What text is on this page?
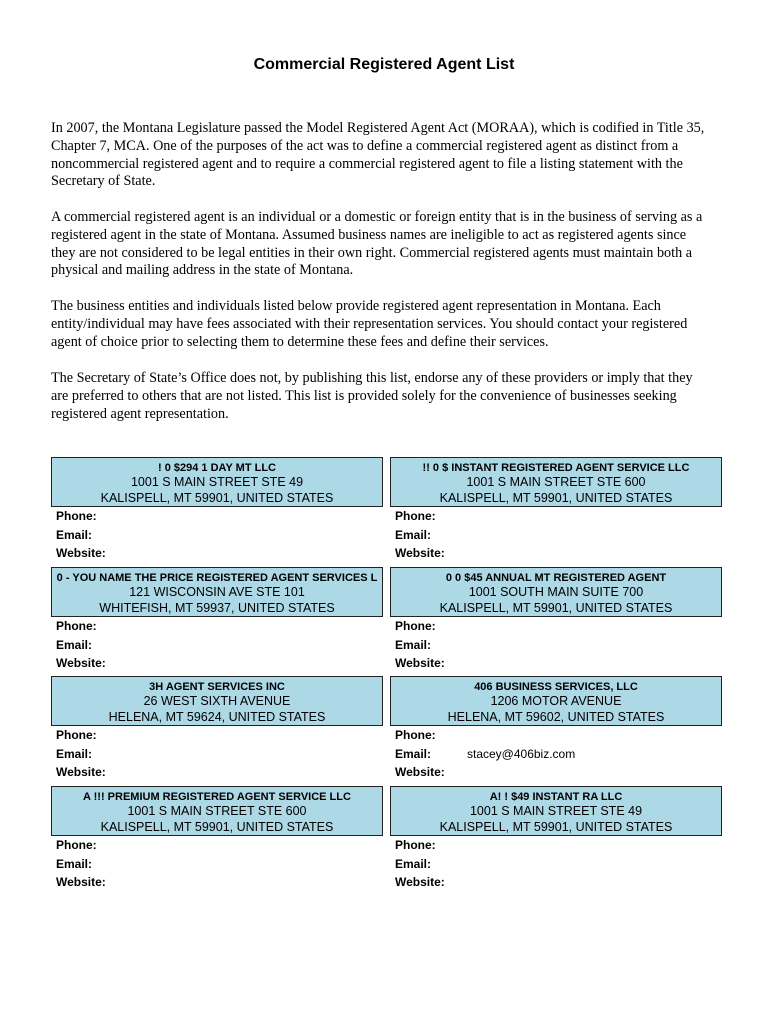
Commercial Registered Agent List

In 2007, the Montana Legislature passed the Model Registered Agent Act (MORAA), which is codified in Title 35, Chapter 7, MCA. One of the purposes of the act was to define a commercial registered agent as distinct from a noncommercial registered agent and to require a commercial registered agent to file a listing statement with the Secretary of State.

A commercial registered agent is an individual or a domestic or foreign entity that is in the business of serving as a registered agent in the state of Montana. Assumed business names are ineligible to act as registered agents since they are not considered to be legal entities in their own right. Commercial registered agents must maintain both a physical and mailing address in the state of Montana.

The business entities and individuals listed below provide registered agent representation in Montana. Each entity/individual may have fees associated with their representation services. You should contact your registered agent of choice prior to selecting them to determine these fees and define their services.

The Secretary of State’s Office does not, by publishing this list, endorse any of these providers or imply that they are preferred to others that are not listed. This list is provided solely for the convenience of businesses seeking registered agent representation.

! 0 $294 1 DAY MT LLC
1001 S MAIN STREET STE 49
KALISPELL, MT 59901, UNITED STATES
Phone:
Email:
Website:
!! 0 $ INSTANT REGISTERED AGENT SERVICE LLC
1001 S MAIN STREET STE 600
KALISPELL, MT 59901, UNITED STATES
Phone:
Email:
Website:
0 - YOU NAME THE PRICE REGISTERED AGENT SERVICES L
121 WISCONSIN AVE STE 101
WHITEFISH, MT 59937, UNITED STATES
Phone:
Email:
Website:
0 0 $45 ANNUAL MT REGISTERED AGENT
1001 SOUTH MAIN SUITE 700
KALISPELL, MT 59901, UNITED STATES
Phone:
Email:
Website:
3H AGENT SERVICES INC
26 WEST SIXTH AVENUE
HELENA, MT 59624, UNITED STATES
Phone:
Email:
Website:
406 BUSINESS SERVICES, LLC
1206 MOTOR AVENUE
HELENA, MT 59602, UNITED STATES
Phone:
Email:	stacey@406biz.com
Website:
A !!! PREMIUM REGISTERED AGENT SERVICE LLC
1001 S MAIN STREET STE 600
KALISPELL, MT 59901, UNITED STATES
Phone:
Email:
Website:
A! ! $49 INSTANT RA LLC
1001 S MAIN STREET STE 49
KALISPELL, MT 59901, UNITED STATES
Phone:
Email:
Website:
